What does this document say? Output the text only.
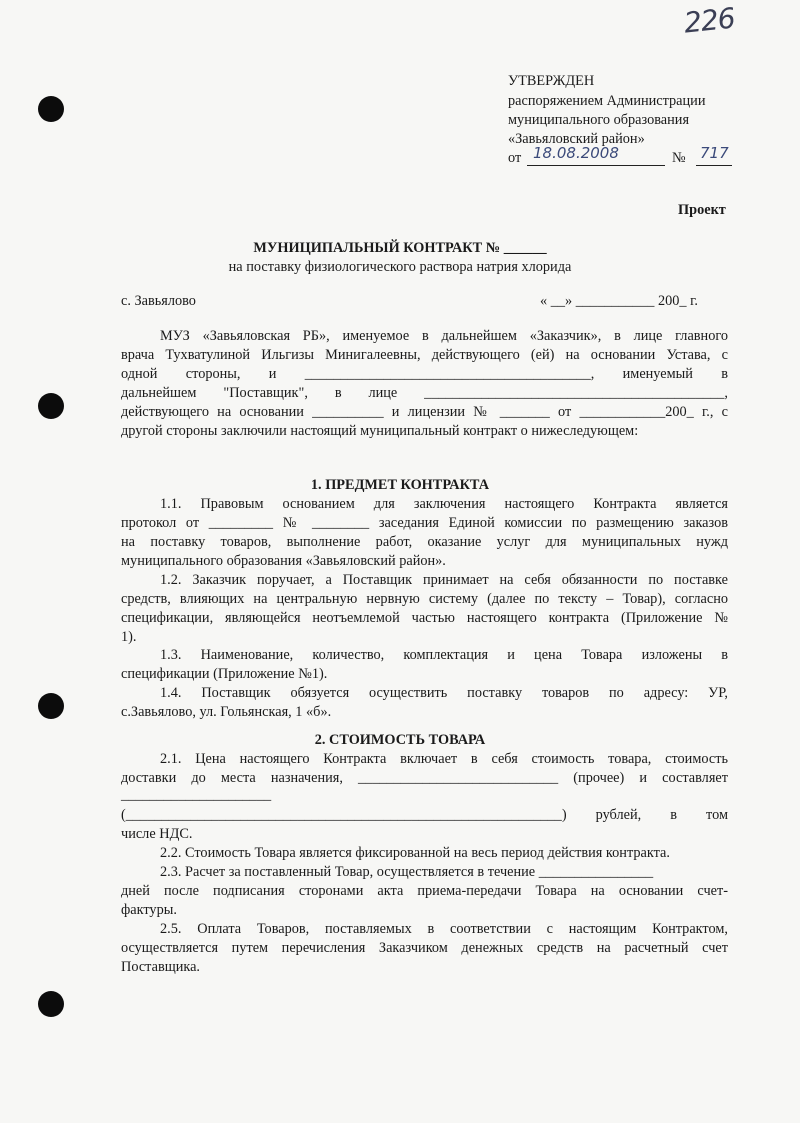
226
УТВЕРЖДЕН
распоряжением Администрации
муниципального образования
«Завьяловский район»
от 18.08.2008	№ 717
Проект
МУНИЦИПАЛЬНЫЙ КОНТРАКТ № ______
на поставку физиологического раствора натрия хлорида
с. Завьялово	« __» ___________ 200_ г.
МУЗ «Завьяловская РБ», именуемое в дальнейшем «Заказчик», в лице главного
врача Тухватулиной Ильгизы Минигалеевны, действующего (ей) на основании Устава, с
одной стороны, и ________________________________________, именуемый в
дальнейшем "Поставщик", в лице __________________________________________,
действующего на основании __________ и лицензии № _______ от ____________200_ г., с
другой стороны заключили настоящий муниципальный контракт о нижеследующем:
1. ПРЕДМЕТ КОНТРАКТА
1.1. Правовым основанием для заключения настоящего Контракта является
протокол от _________ № ________ заседания Единой комиссии по размещению заказов
на поставку товаров, выполнение работ, оказание услуг для муниципальных нужд
муниципального образования «Завьяловский район».
1.2. Заказчик поручает, а Поставщик принимает на себя обязанности по поставке
средств, влияющих на центральную нервную систему (далее по тексту – Товар), согласно
спецификации, являющейся неотъемлемой частью настоящего контракта (Приложение №
1).
1.3. Наименование, количество, комплектация и цена Товара изложены в
спецификации (Приложение №1).
1.4. Поставщик обязуется осуществить поставку товаров по адресу: УР,
с.Завьялово, ул. Гольянская, 1 «б».
2. СТОИМОСТЬ ТОВАРА
2.1. Цена настоящего Контракта включает в себя стоимость товара, стоимость
доставки до места назначения, ____________________________ (прочее) и составляет
_____________________
(_____________________________________________________________) рублей, в том
числе НДС.
2.2. Стоимость Товара является фиксированной на весь период действия контракта.
2.3. Расчет за поставленный Товар, осуществляется в течение ________________
дней после подписания сторонами акта приема-передачи Товара на основании счет-
фактуры.
2.5. Оплата Товаров, поставляемых в соответствии с настоящим Контрактом,
осуществляется путем перечисления Заказчиком денежных средств на расчетный счет
Поставщика.
